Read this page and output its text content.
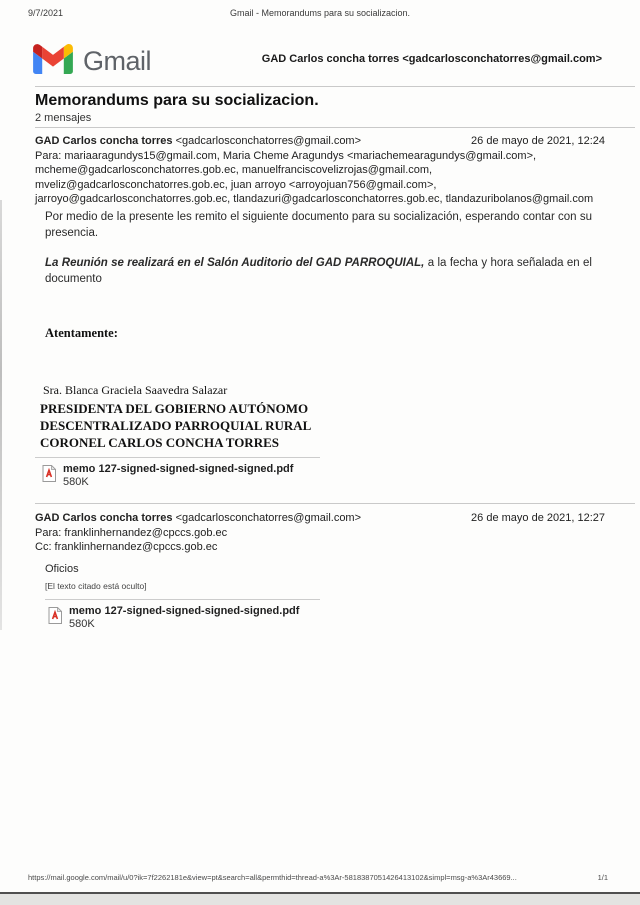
9/7/2021	Gmail - Memorandums para su socializacion.
Gmail	GAD Carlos concha torres <gadcarlosconchatorres@gmail.com>
Memorandums para su socializacion.
2 mensajes
GAD Carlos concha torres <gadcarlosconchatorres@gmail.com>	26 de mayo de 2021, 12:24

Para: mariaaragundys15@gmail.com, Maria Cheme Aragundys <mariachemearagundys@gmail.com>, mcheme@gadcarlosconchatorres.gob.ec, manuelfranciscovelizrojas@gmail.com, mveliz@gadcarlosconchatorres.gob.ec, juan arroyo <arroyojuan756@gmail.com>, jarroyo@gadcarlosconchatorres.gob.ec, tlandazuri@gadcarlosconchatorres.gob.ec, tlandazuribolanos@gmail.com

Por medio de la presente les remito el siguiente documento para su socialización, esperando contar con su presencia.

La Reunión se realizará en el Salón Auditorio del GAD PARROQUIAL, a la fecha y hora señalada en el documento

Atentamente:

Sra. Blanca Graciela Saavedra Salazar

PRESIDENTA DEL GOBIERNO AUTÓNOMO

DESCENTRALIZADO PARROQUIAL RURAL

CORONEL CARLOS CONCHA TORRES

memo 127-signed-signed-signed-signed.pdf
580K
GAD Carlos concha torres <gadcarlosconchatorres@gmail.com>	26 de mayo de 2021, 12:27

Para: franklinhernandez@cpccs.gob.ec

Cc: franklinhernandez@cpccs.gob.ec

Oficios
[El texto citado está oculto]
memo 127-signed-signed-signed-signed.pdf
580K
https://mail.google.com/mail/u/0?ik=7f2262181e&view=pt&search=all&permthid=thread-a%3Ar-5818387051426413102&simpl=msg-a%3Ar43669...	1/1
